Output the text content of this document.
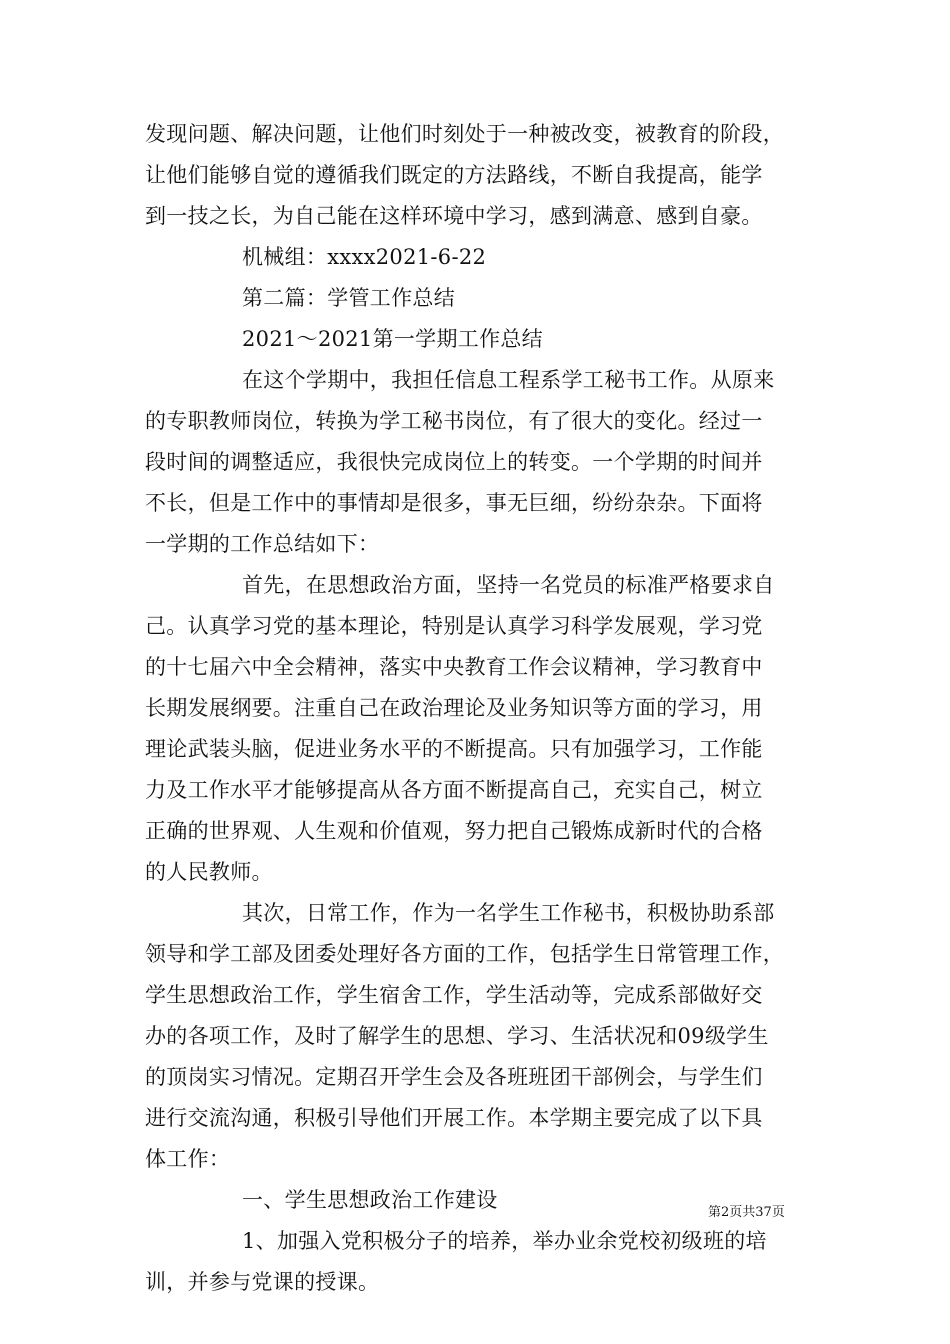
发现问题、解决问题，让他们时刻处于一种被改变，被教育的阶段，
让他们能够自觉的遵循我们既定的方法路线，不断自我提高，能学
到一技之长，为自己能在这样环境中学习，感到满意、感到自豪。
机械组：xxxx2021-6-22
第二篇：学管工作总结
2021～2021第一学期工作总结
在这个学期中，我担任信息工程系学工秘书工作。从原来
的专职教师岗位，转换为学工秘书岗位，有了很大的变化。经过一
段时间的调整适应，我很快完成岗位上的转变。一个学期的时间并
不长，但是工作中的事情却是很多，事无巨细，纷纷杂杂。下面将
一学期的工作总结如下：
首先，在思想政治方面，坚持一名党员的标准严格要求自
己。认真学习党的基本理论，特别是认真学习科学发展观，学习党
的十七届六中全会精神，落实中央教育工作会议精神，学习教育中
长期发展纲要。注重自己在政治理论及业务知识等方面的学习，用
理论武装头脑，促进业务水平的不断提高。只有加强学习，工作能
力及工作水平才能够提高从各方面不断提高自己，充实自己，树立
正确的世界观、人生观和价值观，努力把自己锻炼成新时代的合格
的人民教师。
其次，日常工作，作为一名学生工作秘书，积极协助系部
领导和学工部及团委处理好各方面的工作，包括学生日常管理工作，
学生思想政治工作，学生宿舍工作，学生活动等，完成系部做好交
办的各项工作，及时了解学生的思想、学习、生活状况和09级学生
的顶岗实习情况。定期召开学生会及各班班团干部例会，与学生们
进行交流沟通，积极引导他们开展工作。本学期主要完成了以下具
体工作：
一、学生思想政治工作建设
1、加强入党积极分子的培养，举办业余党校初级班的培
训，并参与党课的授课。
第2页共37页
